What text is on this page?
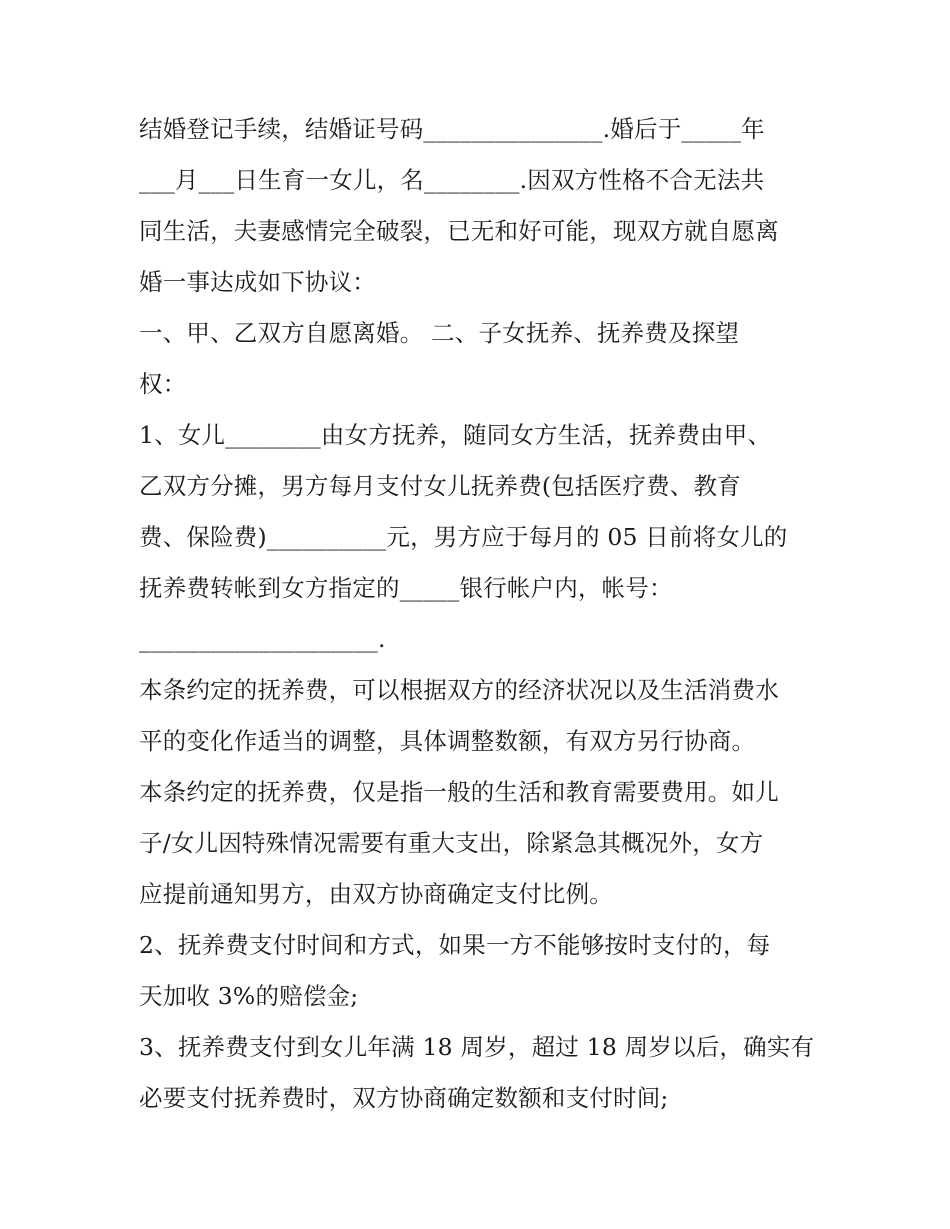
结婚登记手续，结婚证号码_______________.婚后于_____年
___月___日生育一女儿，名________.因双方性格不合无法共
同生活，夫妻感情完全破裂，已无和好可能，现双方就自愿离
婚一事达成如下协议：
一、甲、乙双方自愿离婚。 二、子女抚养、抚养费及探望
权：
1、女儿________由女方抚养，随同女方生活，抚养费由甲、
乙双方分摊，男方每月支付女儿抚养费(包括医疗费、教育
费、保险费)__________元，男方应于每月的 05 日前将女儿的
抚养费转帐到女方指定的_____银行帐户内，帐号：
____________________.
本条约定的抚养费，可以根据双方的经济状况以及生活消费水
平的变化作适当的调整，具体调整数额，有双方另行协商。
本条约定的抚养费，仅是指一般的生活和教育需要费用。如儿
子/女儿因特殊情况需要有重大支出，除紧急其概况外，女方
应提前通知男方，由双方协商确定支付比例。
2、抚养费支付时间和方式，如果一方不能够按时支付的，每
天加收 3%的赔偿金;
3、抚养费支付到女儿年满 18 周岁，超过 18 周岁以后，确实有
必要支付抚养费时，双方协商确定数额和支付时间;
